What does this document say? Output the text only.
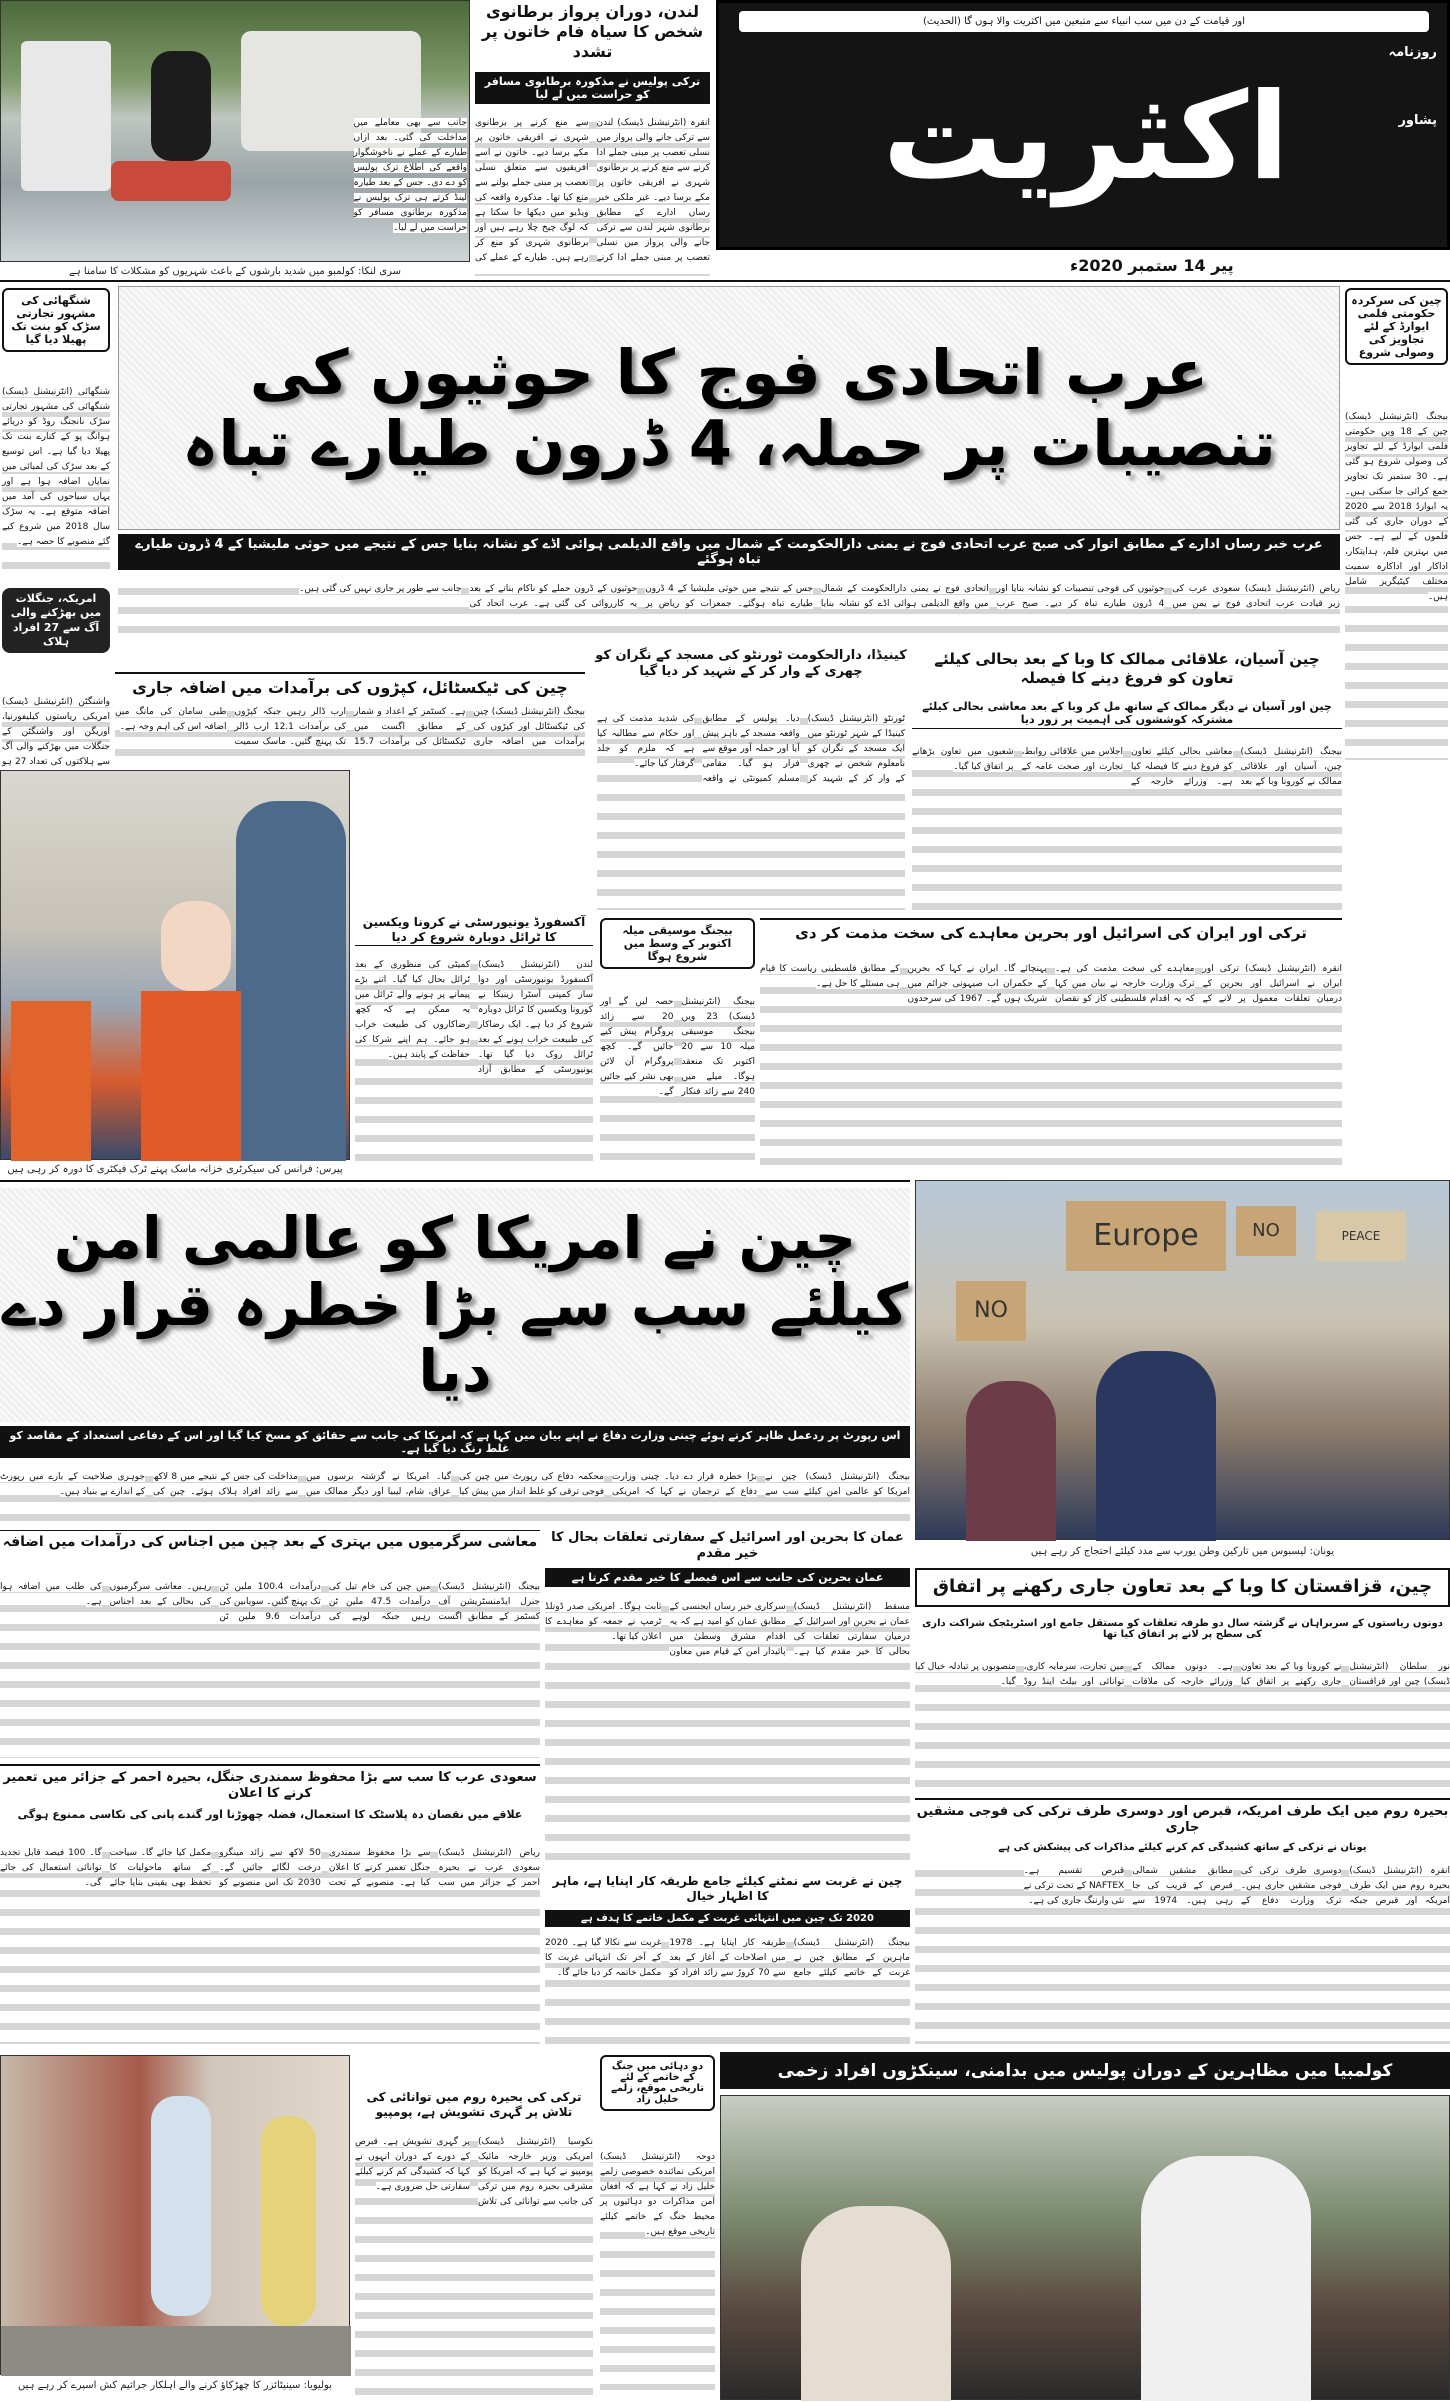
سری لنکا: کولمبو میں شدید بارشوں کے باعث شہریوں کو مشکلات کا سامنا ہے
لندن، دوران پرواز برطانوی شخص کا سیاہ فام خاتون پر تشدد
ترکی پولیس نے مذکورہ برطانوی مسافر کو حراست میں لے لیا
انقرہ (انٹرنیشنل ڈیسک) لندن سے ترکی جانے والی پرواز میں نسلی تعصب پر مبنی جملے ادا کرنے سے منع کرنے پر برطانوی شہری نے افریقی خاتون پر مکے برسا دیے۔ غیر ملکی خبر رساں ادارے کے مطابق برطانوی شہر لندن سے ترکی جانے والی پرواز میں نسلی تعصب پر مبنی جملے ادا کرنے سے منع کرنے پر برطانوی شہری نے افریقی خاتون پر مکے برسا دیے۔ خاتون نے اسے افریقیوں سے متعلق نسلی تعصب پر مبنی جملے بولنے سے منع کیا تھا۔ مذکورہ واقعہ کی ویڈیو میں دیکھا جا سکتا ہے کہ لوگ چیخ چلا رہے ہیں اور برطانوی شہری کو منع کر رہے ہیں۔ طیارے کے عملے کی جانب سے بھی معاملے میں مداخلت کی گئی۔ بعد ازاں طیارے کے عملے نے ناخوشگوار واقعے کی اطلاع ترک پولیس کو دے دی۔ جس کے بعد طیارہ لینڈ کرتے ہی ترک پولیس نے مذکورہ برطانوی مسافر کو حراست میں لے لیا۔
اور قیامت کے دن میں سب انبیاء سے متبعین میں اکثریت والا ہوں گا (الحدیث)
روزنامہ
اکثریت	پشاور
پیر 14 ستمبر 2020ء
شنگھائی کی مشہور تجارتی سڑک کو بنت تک پھیلا دیا گیا
شنگھائی (انٹرنیشنل ڈیسک) شنگھائی کی مشہور تجارتی سڑک نانجنگ روڈ کو دریائے ہوانگ پو کے کنارے بنت تک پھیلا دیا گیا ہے۔ اس توسیع کے بعد سڑک کی لمبائی میں نمایاں اضافہ ہوا ہے اور یہاں سیاحوں کی آمد میں اضافہ متوقع ہے۔ یہ سڑک سال 2018 میں شروع کیے گئے منصوبے کا حصہ ہے۔
امریکہ، جنگلات میں بھڑکنے والی آگ سے 27 افراد ہلاک
واشنگٹن (انٹرنیشنل ڈیسک) امریکی ریاستوں کیلیفورنیا، اوریگن اور واشنگٹن کے جنگلات میں بھڑکنے والی آگ سے ہلاکتوں کی تعداد 27 ہو
عرب اتحادی فوج کا حوثیوں کی تنصیبات پر حملہ، 4 ڈرون طیارے تباہ
عرب خبر رساں ادارے کے مطابق اتوار کی صبح عرب اتحادی فوج نے یمنی دارالحکومت کے شمال میں واقع الدیلمی ہوائی اڈے کو نشانہ بنایا جس کے نتیجے میں حوثی ملیشیا کے 4 ڈرون طیارے تباہ ہوگئے
ریاض (انٹرنیشنل ڈیسک) سعودی عرب کی زیر قیادت عرب اتحادی فوج نے یمن میں حوثیوں کی فوجی تنصیبات کو نشانہ بنایا اور 4 ڈرون طیارے تباہ کر دیے۔ صبح عرب اتحادی فوج نے یمنی دارالحکومت کے شمال میں واقع الدیلمی ہوائی اڈے کو نشانہ بنایا جس کے نتیجے میں حوثی ملیشیا کے 4 ڈرون طیارے تباہ ہوگئے۔ جمعرات کو ریاض پر حوثیوں کے ڈرون حملے کو ناکام بنانے کے بعد یہ کارروائی کی گئی ہے۔ عرب اتحاد کی جانب سے طور پر جاری نہیں کی گئی ہیں۔
چین کی سرکردہ حکومتی فلمی ایوارڈ کے لئے تجاویز کی وصولی شروع
بیجنگ (انٹرنیشنل ڈیسک) چین کے 18 ویں حکومتی فلمی ایوارڈ کے لئے تجاویز کی وصولی شروع ہو گئی ہے۔ 30 ستمبر تک تجاویز جمع کرائی جا سکتی ہیں۔ یہ ایوارڈ 2018 سے 2020 کے دوران جاری کی گئی فلموں کے لیے ہے۔ جس میں بہترین فلم، ہدایتکار، اداکار اور اداکارہ سمیت مختلف کیٹیگریز شامل ہیں۔
کینیڈا، دارالحکومت ٹورنٹو کی مسجد کے نگران کو چھری کے وار کر کے شہید کر دیا گیا
ٹورنٹو (انٹرنیشنل ڈیسک) کینیڈا کے شہر ٹورنٹو میں ایک مسجد کے نگران کو نامعلوم شخص نے چھری کے وار کر کے شہید کر دیا۔ پولیس کے مطابق واقعہ مسجد کے باہر پیش آیا اور حملہ آور موقع سے فرار ہو گیا۔ مقامی مسلم کمیونٹی نے واقعہ کی شدید مذمت کی ہے اور حکام سے مطالبہ کیا ہے کہ ملزم کو جلد گرفتار کیا جائے۔
چین کی ٹیکسٹائل، کپڑوں کی برآمدات میں اضافہ جاری
بیجنگ (انٹرنیشنل ڈیسک) چین کی ٹیکسٹائل اور کپڑوں کی برآمدات میں اضافہ جاری ہے۔ کسٹمز کے اعداد و شمار کے مطابق اگست میں ٹیکسٹائل کی برآمدات 15.7 ارب ڈالر رہیں جبکہ کپڑوں کی برآمدات 12.1 ارب ڈالر تک پہنچ گئیں۔ ماسک سمیت طبی سامان کی مانگ میں اضافہ اس کی اہم وجہ ہے۔
چین آسیان، علاقائی ممالک کا وبا کے بعد بحالی کیلئے تعاون کو فروغ دینے کا فیصلہ
چین اور آسیان نے دیگر ممالک کے ساتھ مل کر وبا کے بعد معاشی بحالی کیلئے مشترکہ کوششوں کی اہمیت پر زور دیا
بیجنگ (انٹرنیشنل ڈیسک) چین، آسیان اور علاقائی ممالک نے کورونا وبا کے بعد معاشی بحالی کیلئے تعاون کو فروغ دینے کا فیصلہ کیا ہے۔ وزرائے خارجہ کے اجلاس میں علاقائی روابط، تجارت اور صحت عامہ کے شعبوں میں تعاون بڑھانے پر اتفاق کیا گیا۔
پیرس: فرانس کی سیکرٹری خزانہ ماسک پہنے ٹرک فیکٹری کا دورہ کر رہی ہیں
آکسفورڈ یونیورسٹی نے کرونا ویکسین کا ٹرائل دوبارہ شروع کر دیا
لندن (انٹرنیشنل ڈیسک) آکسفورڈ یونیورسٹی اور دوا ساز کمپنی آسٹرا زینیکا نے کورونا ویکسین کا ٹرائل دوبارہ شروع کر دیا ہے۔ ایک رضاکار کی طبیعت خراب ہونے کے بعد ٹرائل روک دیا گیا تھا۔ یونیورسٹی کے مطابق آزاد کمیٹی کی منظوری کے بعد ٹرائل بحال کیا گیا۔ اتنے بڑے پیمانے پر ہونے والے ٹرائل میں یہ ممکن ہے کہ کچھ رضاکاروں کی طبیعت خراب ہو جائے۔ ہم اپنے شرکا کی حفاظت کے پابند ہیں۔
بیجنگ موسیقی میلہ اکتوبر کے وسط میں شروع ہوگا
بیجنگ (انٹرنیشنل ڈیسک) 23 ویں بیجنگ موسیقی میلہ 10 سے 20 اکتوبر تک منعقد ہوگا۔ میلے میں 240 سے زائد فنکار حصہ لیں گے اور 20 سے زائد پروگرام پیش کیے جائیں گے۔ کچھ پروگرام آن لائن بھی نشر کیے جائیں گے۔
ترکی اور ایران کی اسرائیل اور بحرین معاہدے کی سخت مذمت کر دی
انقرہ (انٹرنیشنل ڈیسک) ترکی اور ایران نے اسرائیل اور بحرین کے درمیان تعلقات معمول پر لانے کے معاہدے کی سخت مذمت کی ہے۔ ترک وزارت خارجہ نے بیان میں کہا کہ یہ اقدام فلسطینی کاز کو نقصان پہنچائے گا۔ ایران نے کہا کہ بحرین کے حکمران اب صیہونی جرائم میں شریک ہوں گے۔ 1967 کی سرحدوں کے مطابق فلسطینی ریاست کا قیام ہی مسئلے کا حل ہے۔
چین نے امریکا کو عالمی امن کیلئے سب سے بڑا خطرہ قرار دے دیا
اس رپورٹ پر ردعمل ظاہر کرتے ہوئے چینی وزارت دفاع نے اپنے بیان میں کہا ہے کہ امریکا کی جانب سے حقائق کو مسخ کیا گیا اور اس کے دفاعی استعداد کے مقاصد کو غلط رنگ دیا گیا ہے۔
بیجنگ (انٹرنیشنل ڈیسک) چین نے امریکا کو عالمی امن کیلئے سب سے بڑا خطرہ قرار دے دیا۔ چینی وزارت دفاع کے ترجمان نے کہا کہ امریکی محکمہ دفاع کی رپورٹ میں چین کی فوجی ترقی کو غلط انداز میں پیش کیا گیا۔ امریکا نے گزشتہ برسوں میں عراق، شام، لیبیا اور دیگر ممالک میں مداخلت کی جس کے نتیجے میں 8 لاکھ سے زائد افراد ہلاک ہوئے۔ چین کی جوہری صلاحیت کے بارے میں رپورٹ کے اندازے بے بنیاد ہیں۔
Europe
NO
NO	PEACE
یونان: لیسبوس میں تارکین وطن یورپ سے مدد کیلئے احتجاج کر رہے ہیں
معاشی سرگرمیوں میں بہتری کے بعد چین میں اجناس کی درآمدات میں اضافہ
بیجنگ (انٹرنیشنل ڈیسک) جنرل ایڈمنسٹریشن آف کسٹمز کے مطابق اگست میں چین کی خام تیل کی درآمدات 47.5 ملین ٹن رہیں جبکہ لوہے کی درآمدات 100.4 ملین ٹن تک پہنچ گئیں۔ سویابین کی درآمدات 9.6 ملین ٹن رہیں۔ معاشی سرگرمیوں کی بحالی کے بعد اجناس کی طلب میں اضافہ ہوا ہے۔
عمان کا بحرین اور اسرائیل کے سفارتی تعلقات بحال کا خیر مقدم
عمان بحرین کی جانب سے اس فیصلے کا خیر مقدم کرتا ہے
مسقط (انٹرنیشنل ڈیسک) عمان نے بحرین اور اسرائیل کے درمیان سفارتی تعلقات کی بحالی کا خیر مقدم کیا ہے۔ سرکاری خبر رساں ایجنسی کے مطابق عمان کو امید ہے کہ یہ اقدام مشرق وسطیٰ میں پائیدار امن کے قیام میں معاون ثابت ہوگا۔ امریکی صدر ڈونلڈ ٹرمپ نے جمعہ کو معاہدے کا اعلان کیا تھا۔
چین، قزاقستان کا وبا کے بعد تعاون جاری رکھنے پر اتفاق
دونوں ریاستوں کے سربراہان نے گزشتہ سال دو طرفہ تعلقات کو مستقل جامع اور اسٹریٹجک شراکت داری کی سطح پر لانے پر اتفاق کیا تھا
نور سلطان (انٹرنیشنل ڈیسک) چین اور قزاقستان نے کورونا وبا کے بعد تعاون جاری رکھنے پر اتفاق کیا ہے۔ دونوں ممالک کے وزرائے خارجہ کی ملاقات میں تجارت، سرمایہ کاری، توانائی اور بیلٹ اینڈ روڈ منصوبوں پر تبادلہ خیال کیا گیا۔
بحیرہ روم میں ایک طرف امریکہ، قبرص اور دوسری طرف ترکی کی فوجی مشقیں جاری
یونان نے ترکی کے ساتھ کشیدگی کم کرنے کیلئے مذاکرات کی پیشکش کی ہے
انقرہ (انٹرنیشنل ڈیسک) بحیرہ روم میں ایک طرف امریکہ اور قبرص جبکہ دوسری طرف ترکی کی فوجی مشقیں جاری ہیں۔ ترک وزارت دفاع کے مطابق مشقیں شمالی قبرص کے قریب کی جا رہی ہیں۔ 1974 سے قبرص تقسیم ہے۔ NAFTEX کے تحت ترکی نے نئی وارننگ جاری کی ہے۔
سعودی عرب کا سب سے بڑا محفوظ سمندری جنگل، بحیرہ احمر کے جزائر میں تعمیر کرنے کا اعلان
علاقے میں نقصان دہ پلاسٹک کا استعمال، فضلہ چھوڑنا اور گندے پانی کی نکاسی ممنوع ہوگی
ریاض (انٹرنیشنل ڈیسک) سعودی عرب نے بحیرہ احمر کے جزائر میں سب سے بڑا محفوظ سمندری جنگل تعمیر کرنے کا اعلان کیا ہے۔ منصوبے کے تحت 50 لاکھ سے زائد مینگرو درخت لگائے جائیں گے۔ 2030 تک اس منصوبے کو مکمل کیا جائے گا۔ سیاحت کے ساتھ ماحولیات کا تحفظ بھی یقینی بنایا جائے گا۔ 100 فیصد قابل تجدید توانائی استعمال کی جائے گی۔	چین نے غربت سے نمٹنے کیلئے جامع طریقہ کار اپنایا ہے، ماہر کا اظہار خیال
2020 تک چین میں انتہائی غربت کے مکمل خاتمے کا ہدف ہے
بیجنگ (انٹرنیشنل ڈیسک) ماہرین کے مطابق چین نے غربت کے خاتمے کیلئے جامع طریقہ کار اپنایا ہے۔ 1978 میں اصلاحات کے آغاز کے بعد سے 70 کروڑ سے زائد افراد کو غربت سے نکالا گیا ہے۔ 2020 کے آخر تک انتہائی غربت کا مکمل خاتمہ کر دیا جائے گا۔
بولیویا: سینیٹائزر کا چھڑکاؤ کرنے والے اہلکار جراثیم کش اسپرے کر رہے ہیں
ترکی کی بحیرہ روم میں توانائی کی تلاش پر گہری تشویش ہے، پومپیو
نکوسیا (انٹرنیشنل ڈیسک) امریکی وزیر خارجہ مائیک پومپیو نے کہا ہے کہ امریکا کو مشرقی بحیرہ روم میں ترکی کی جانب سے توانائی کی تلاش پر گہری تشویش ہے۔ قبرص کے دورے کے دوران انہوں نے کہا کہ کشیدگی کم کرنے کیلئے سفارتی حل ضروری ہے۔
دو دہائی میں جنگ کے خاتمے کے لئے تاریخی موقع، زلمے خلیل زاد
دوحہ (انٹرنیشنل ڈیسک) امریکی نمائندہ خصوصی زلمے خلیل زاد نے کہا ہے کہ افغان امن مذاکرات دو دہائیوں پر محیط جنگ کے خاتمے کیلئے تاریخی موقع ہیں۔
کولمبیا میں مظاہرین کے دوران پولیس میں بدامنی، سینکڑوں افراد زخمی
